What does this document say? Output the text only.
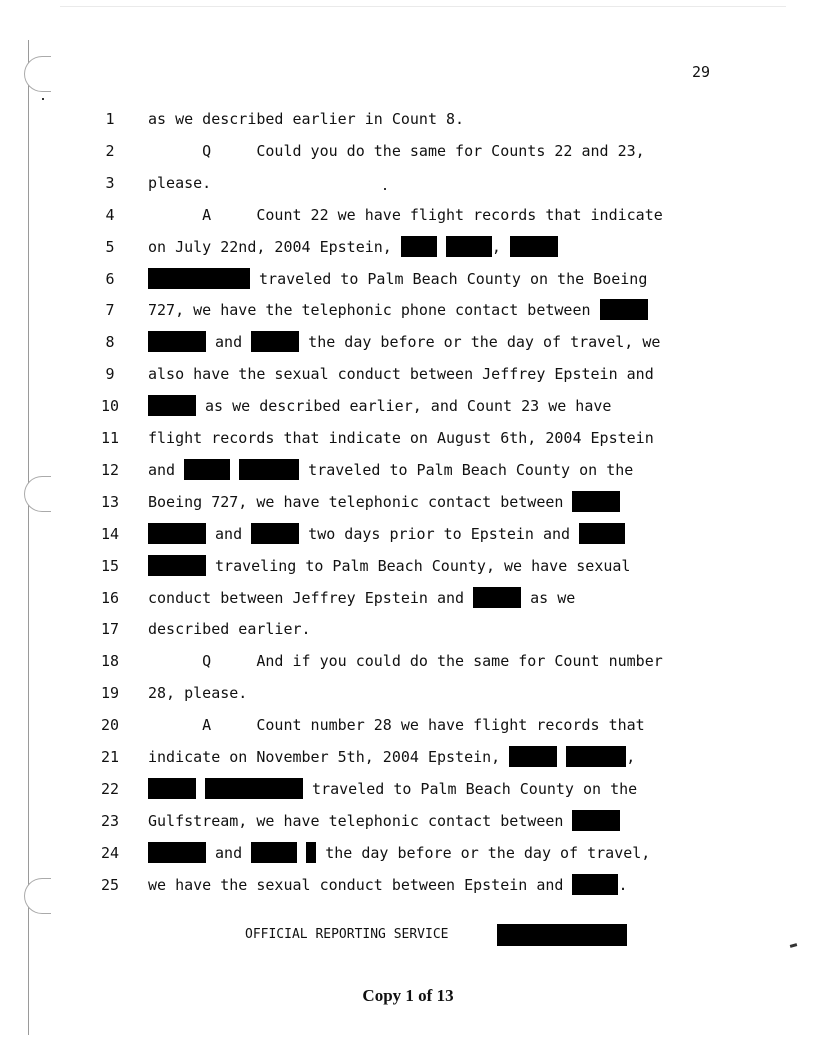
29
1	as we described earlier in Count 8.
2	Q     Could you do the same for Counts 22 and 23,
3	please.
4	A     Count 22 we have flight records that indicate
5	on July 22nd, 2004 Epstein,	,
6	traveled to Palm Beach County on the Boeing
7	727, we have the telephonic phone contact between
8	and	the day before or the day of travel, we
9	also have the sexual conduct between Jeffrey Epstein and
10	as we described earlier, and Count 23 we have
11	flight records that indicate on August 6th, 2004 Epstein
12	and	traveled to Palm Beach County on the
13	Boeing 727, we have telephonic contact between
14	and	two days prior to Epstein and
15	traveling to Palm Beach County, we have sexual
16	conduct between Jeffrey Epstein and	as we
17	described earlier.
18	Q     And if you could do the same for Count number
19	28, please.
20	A     Count number 28 we have flight records that
21	indicate on November 5th, 2004 Epstein,	,
22	traveled to Palm Beach County on the
23	Gulfstream, we have telephonic contact between
24	and	the day before or the day of travel,
25	we have the sexual conduct between Epstein and	.
OFFICIAL REPORTING SERVICE
Copy 1 of 13
